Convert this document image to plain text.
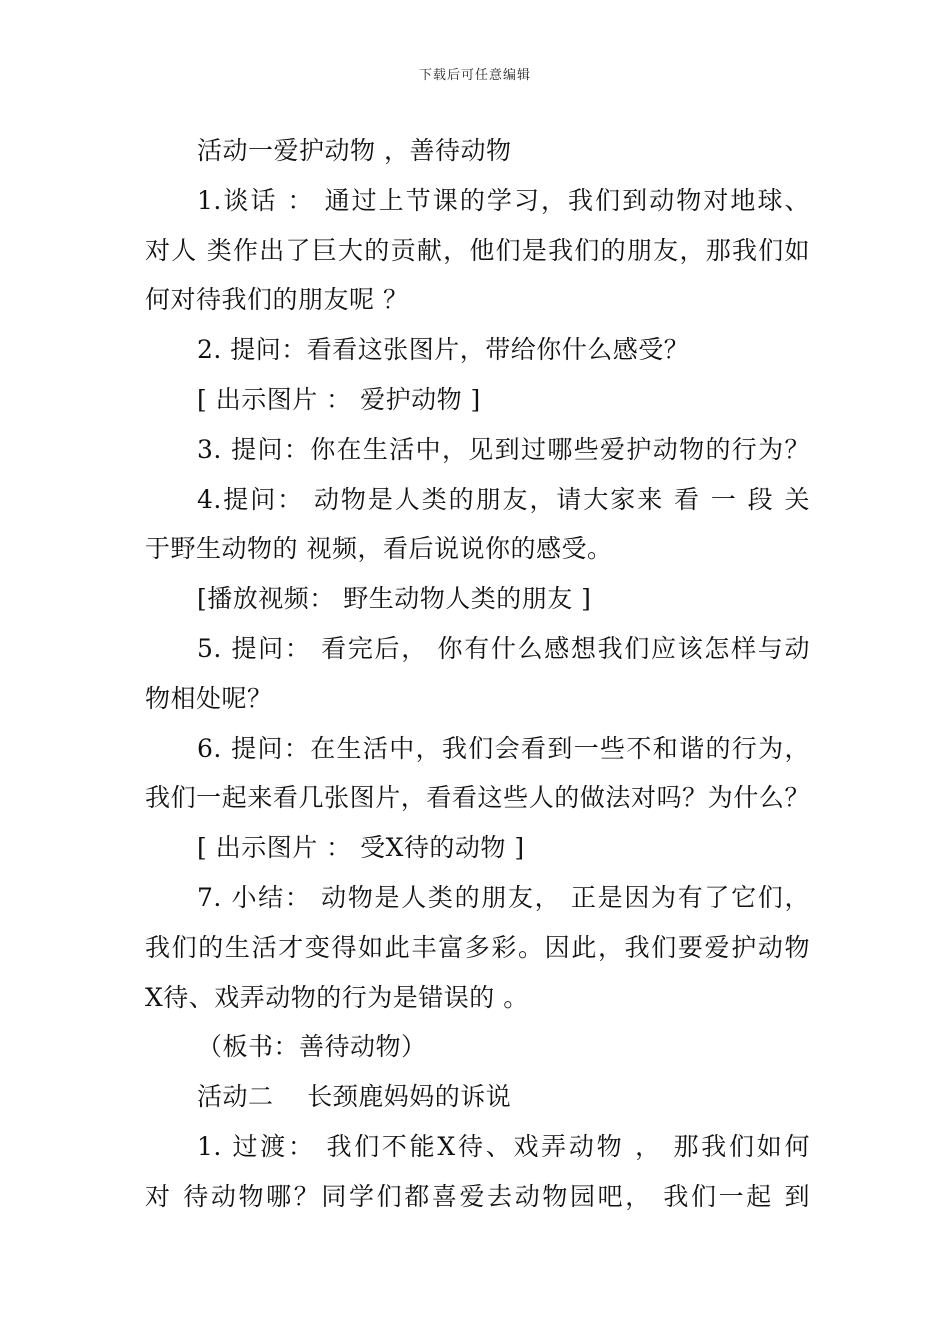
下载后可任意编辑
活动一爱护动物 ，善待动物
1.谈话 ： 通过上节课的学习，我们到动物对地球、
对人 类作出了巨大的贡献，他们是我们的朋友，那我们如
何对待我们的朋友呢 ？
2. 提问：看看这张图片，带给你什么感受？
[ 出示图片 ： 爱护动物 ]
3. 提问：你在生活中，见到过哪些爱护动物的行为？
4.提问： 动物是人类的朋友，请大家来 看 一 段 关
于野生动物的 视频，看后说说你的感受。
[播放视频： 野生动物人类的朋友 ]
5. 提问： 看完后， 你有什么感想我们应该怎样与动
物相处呢？
6. 提问：在生活中，我们会看到一些不和谐的行为，
我们一起来看几张图片，看看这些人的做法对吗？为什么？
[ 出示图片 ： 受X待的动物 ]
7. 小结： 动物是人类的朋友， 正是因为有了它们，
我们的生活才变得如此丰富多彩。因此，我们要爱护动物
X待、戏弄动物的行为是错误的 。
（板书：善待动物）
活动二    长颈鹿妈妈的诉说
1. 过渡： 我们不能X待、戏弄动物 ， 那我们如何
对 待动物哪？同学们都喜爱去动物园吧， 我们一起 到
